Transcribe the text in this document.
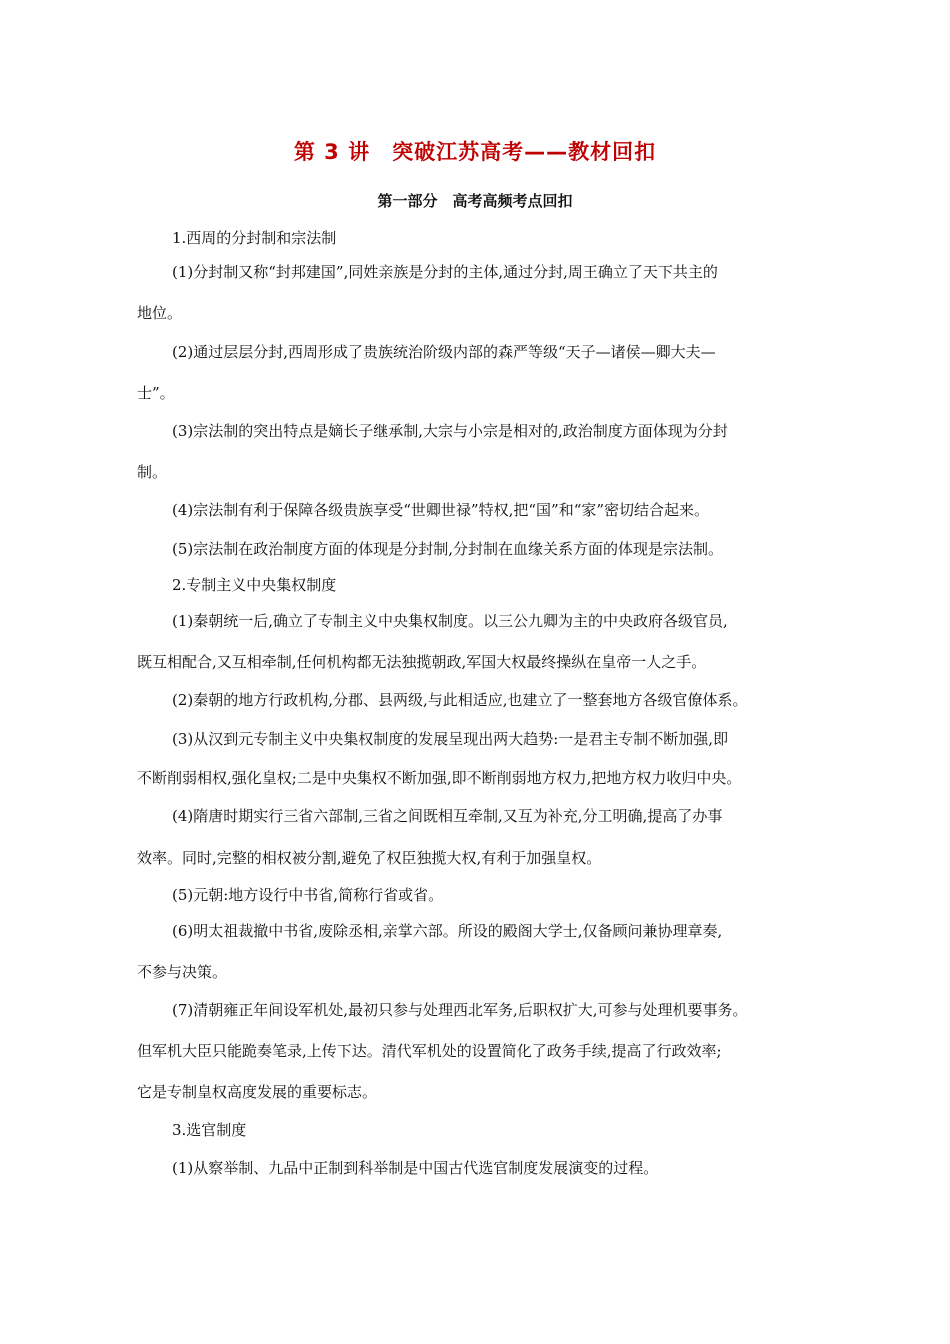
第 3 讲　突破江苏高考——教材回扣
第一部分　高考高频考点回扣
1.西周的分封制和宗法制
(1)分封制又称“封邦建国”,同姓亲族是分封的主体,通过分封,周王确立了天下共主的
地位。
(2)通过层层分封,西周形成了贵族统治阶级内部的森严等级“天子—诸侯—卿大夫—
士”。
(3)宗法制的突出特点是嫡长子继承制,大宗与小宗是相对的,政治制度方面体现为分封
制。
(4)宗法制有利于保障各级贵族享受“世卿世禄”特权,把“国”和“家”密切结合起来。
(5)宗法制在政治制度方面的体现是分封制,分封制在血缘关系方面的体现是宗法制。
2.专制主义中央集权制度
(1)秦朝统一后,确立了专制主义中央集权制度。以三公九卿为主的中央政府各级官员,
既互相配合,又互相牵制,任何机构都无法独揽朝政,军国大权最终操纵在皇帝一人之手。
(2)秦朝的地方行政机构,分郡、县两级,与此相适应,也建立了一整套地方各级官僚体系。
(3)从汉到元专制主义中央集权制度的发展呈现出两大趋势:一是君主专制不断加强,即
不断削弱相权,强化皇权;二是中央集权不断加强,即不断削弱地方权力,把地方权力收归中央。
(4)隋唐时期实行三省六部制,三省之间既相互牵制,又互为补充,分工明确,提高了办事
效率。同时,完整的相权被分割,避免了权臣独揽大权,有利于加强皇权。
(5)元朝:地方设行中书省,简称行省或省。
(6)明太祖裁撤中书省,废除丞相,亲掌六部。所设的殿阁大学士,仅备顾问兼协理章奏,
不参与决策。
(7)清朝雍正年间设军机处,最初只参与处理西北军务,后职权扩大,可参与处理机要事务。
但军机大臣只能跪奏笔录,上传下达。清代军机处的设置简化了政务手续,提高了行政效率;
它是专制皇权高度发展的重要标志。
3.选官制度
(1)从察举制、九品中正制到科举制是中国古代选官制度发展演变的过程。
